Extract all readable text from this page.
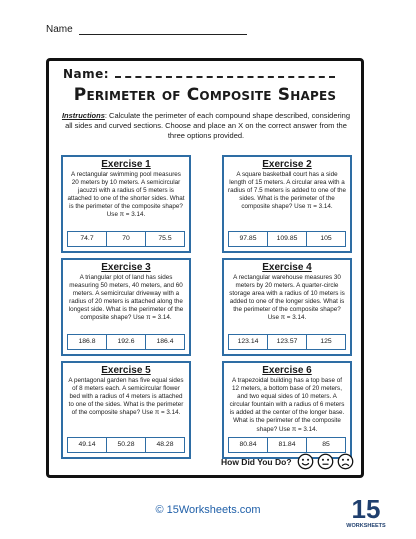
Name
Name:
Perimeter of Composite Shapes
Instructions: Calculate the perimeter of each compound shape described, considering all sides and curved sections. Choose and place an X on the correct answer from the three options provided.
Exercise 1
A rectangular swimming pool measures 20 meters by 10 meters. A semicircular jacuzzi with a radius of 5 meters is attached to one of the shorter sides. What is the perimeter of the composite shape? Use π = 3.14.
74.7	70	75.5
Exercise 2
A square basketball court has a side length of 15 meters. A circular area with a radius of 7.5 meters is added to one of the sides. What is the perimeter of the composite shape? Use π = 3.14.
97.85	109.85	105
Exercise 3
A triangular plot of land has sides measuring 50 meters, 40 meters, and 60 meters. A semicircular driveway with a radius of 20 meters is attached along the longest side. What is the perimeter of the composite shape? Use π = 3.14.
186.8	192.6	186.4
Exercise 4
A rectangular warehouse measures 30 meters by 20 meters. A quarter-circle storage area with a radius of 10 meters is added to one of the longer sides. What is the perimeter of the composite shape? Use π = 3.14.
123.14	123.57	125
Exercise 5
A pentagonal garden has five equal sides of 8 meters each. A semicircular flower bed with a radius of 4 meters is attached to one of the sides. What is the perimeter of the composite shape? Use π = 3.14.
49.14	50.28	48.28
Exercise 6
A trapezoidal building has a top base of 12 meters, a bottom base of 20 meters, and two equal sides of 10 meters. A circular fountain with a radius of 6 meters is added at the center of the longer base. What is the perimeter of the composite shape? Use π = 3.14.
80.84	81.84	85
How Did You Do?
© 15Worksheets.com	15
WORKSHEETS
